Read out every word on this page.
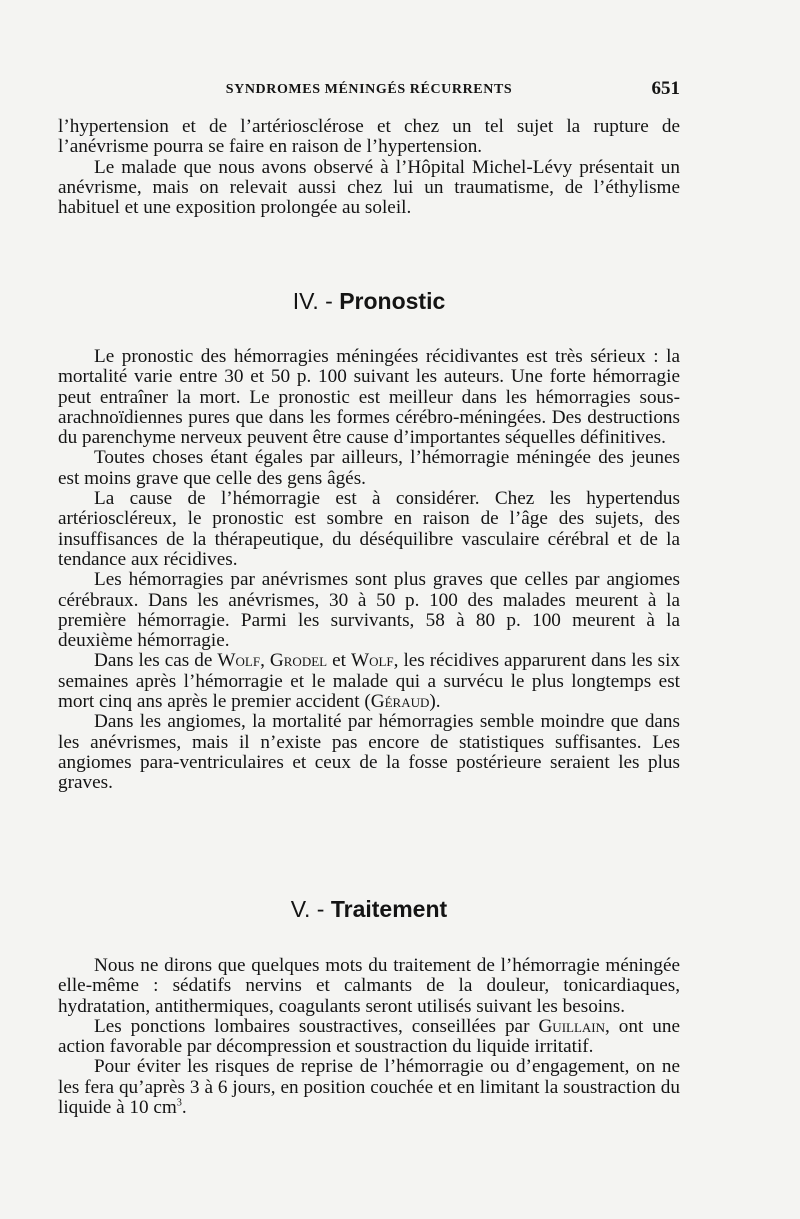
SYNDROMES MÉNINGÉS RÉCURRENTS	651

l’hypertension et de l’artériosclérose et chez un tel sujet la rupture de l’anévrisme pourra se faire en raison de l’hypertension.

Le malade que nous avons observé à l’Hôpital Michel-Lévy présentait un anévrisme, mais on relevait aussi chez lui un traumatisme, de l’éthylisme habituel et une exposition prolongée au soleil.

IV. - Pronostic

Le pronostic des hémorragies méningées récidivantes est très sérieux : la mortalité varie entre 30 et 50 p. 100 suivant les auteurs. Une forte hémorragie peut entraîner la mort. Le pronostic est meilleur dans les hémorragies sous-arachnoïdiennes pures que dans les formes cérébro-méningées. Des destructions du parenchyme nerveux peuvent être cause d’importantes séquelles définitives.

Toutes choses étant égales par ailleurs, l’hémorragie méningée des jeunes est moins grave que celle des gens âgés.

La cause de l’hémorragie est à considérer. Chez les hypertendus artérioscléreux, le pronostic est sombre en raison de l’âge des sujets, des insuffisances de la thérapeutique, du déséquilibre vasculaire cérébral et de la tendance aux récidives.

Les hémorragies par anévrismes sont plus graves que celles par angiomes cérébraux. Dans les anévrismes, 30 à 50 p. 100 des malades meurent à la première hémorragie. Parmi les survivants, 58 à 80 p. 100 meurent à la deuxième hémorragie.

Dans les cas de Wolf, Grodel et Wolf, les récidives apparurent dans les six semaines après l’hémorragie et le malade qui a survécu le plus longtemps est mort cinq ans après le premier accident (Géraud).

Dans les angiomes, la mortalité par hémorragies semble moindre que dans les anévrismes, mais il n’existe pas encore de statistiques suffisantes. Les angiomes para-ventriculaires et ceux de la fosse postérieure seraient les plus graves.

V. - Traitement

Nous ne dirons que quelques mots du traitement de l’hémorragie méningée elle-même : sédatifs nervins et calmants de la douleur, tonicardiaques, hydratation, antithermiques, coagulants seront utilisés suivant les besoins.

Les ponctions lombaires soustractives, conseillées par Guillain, ont une action favorable par décompression et soustraction du liquide irritatif.

Pour éviter les risques de reprise de l’hémorragie ou d’engagement, on ne les fera qu’après 3 à 6 jours, en position couchée et en limitant la soustraction du liquide à 10 $cm^3$.
